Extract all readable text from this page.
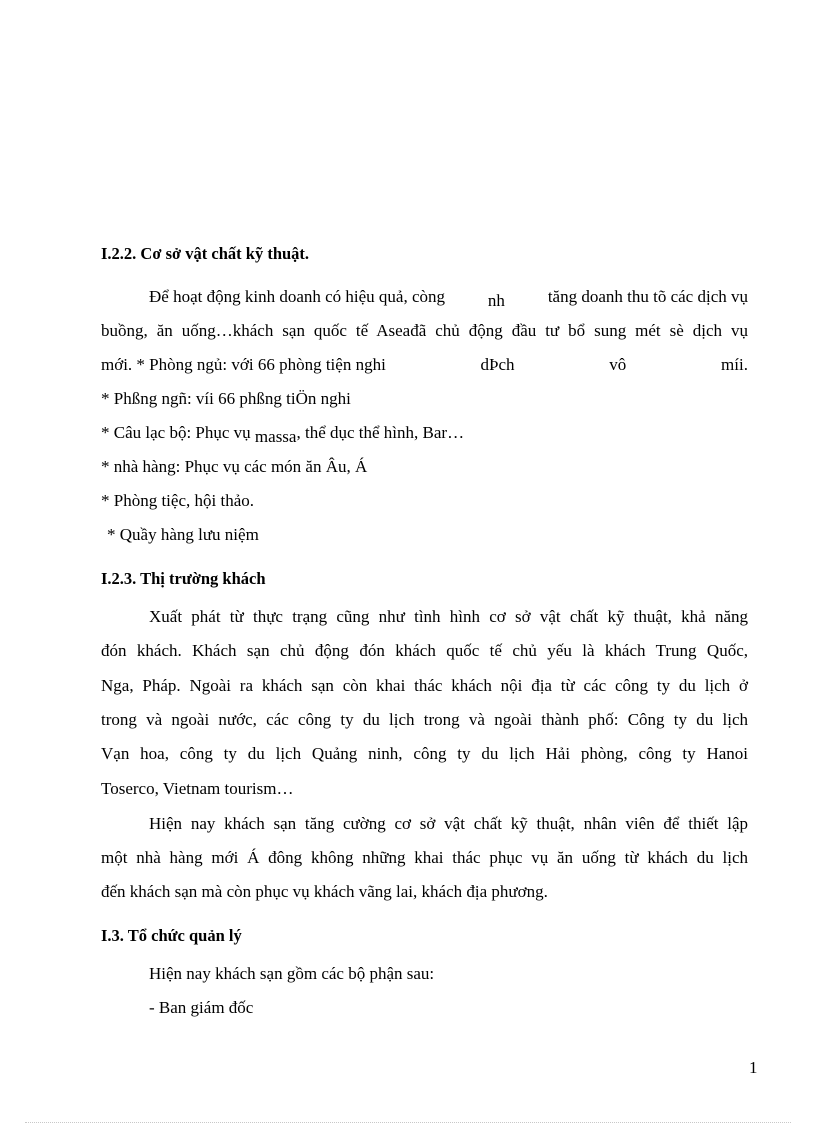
I.2.2. Cơ sở vật chất kỹ thuật.
Để hoạt động kinh doanh có hiệu quả, còng	nh	tăng doanh thu tõ các dịch vụ
buồng, ăn uống…khách sạn quốc tế Aseađã chủ động đầu tư bổ sung mét sè dịch vụ
mới. * Phòng ngủ: với 66 phòng tiện nghi	dÞch	vô	míi.
* Phßng ngñ: víi 66 phßng tiÖn nghi
* Câu lạc bộ: Phục vụ massa, thể dục thể hình, Bar…
* nhà hàng: Phục vụ các món ăn Âu, Á
* Phòng tiệc, hội thảo.
* Quầy hàng lưu niệm
I.2.3. Thị trường khách
Xuất phát từ thực trạng cũng như tình hình cơ sở vật chất kỹ thuật, khả năng
đón khách. Khách sạn chủ động đón khách quốc tế chủ yếu là khách Trung Quốc,
Nga, Pháp. Ngoài ra khách sạn còn khai thác khách nội địa từ các công ty du lịch ở
trong và ngoài nước, các công ty du lịch trong và ngoài thành phố: Công ty du lịch
Vạn hoa, công ty du lịch Quảng ninh, công ty du lịch Hải phòng, công ty Hanoi
Toserco, Vietnam tourism…
Hiện nay khách sạn tăng cường cơ sở vật chất kỹ thuật, nhân viên để thiết lập
một nhà hàng mới Á đông không những khai thác phục vụ ăn uống từ khách du lịch
đến khách sạn mà còn phục vụ khách vãng lai, khách địa phương.
I.3. Tổ chức quản lý
Hiện nay khách sạn gồm các bộ phận sau:
- Ban giám đốc
1
